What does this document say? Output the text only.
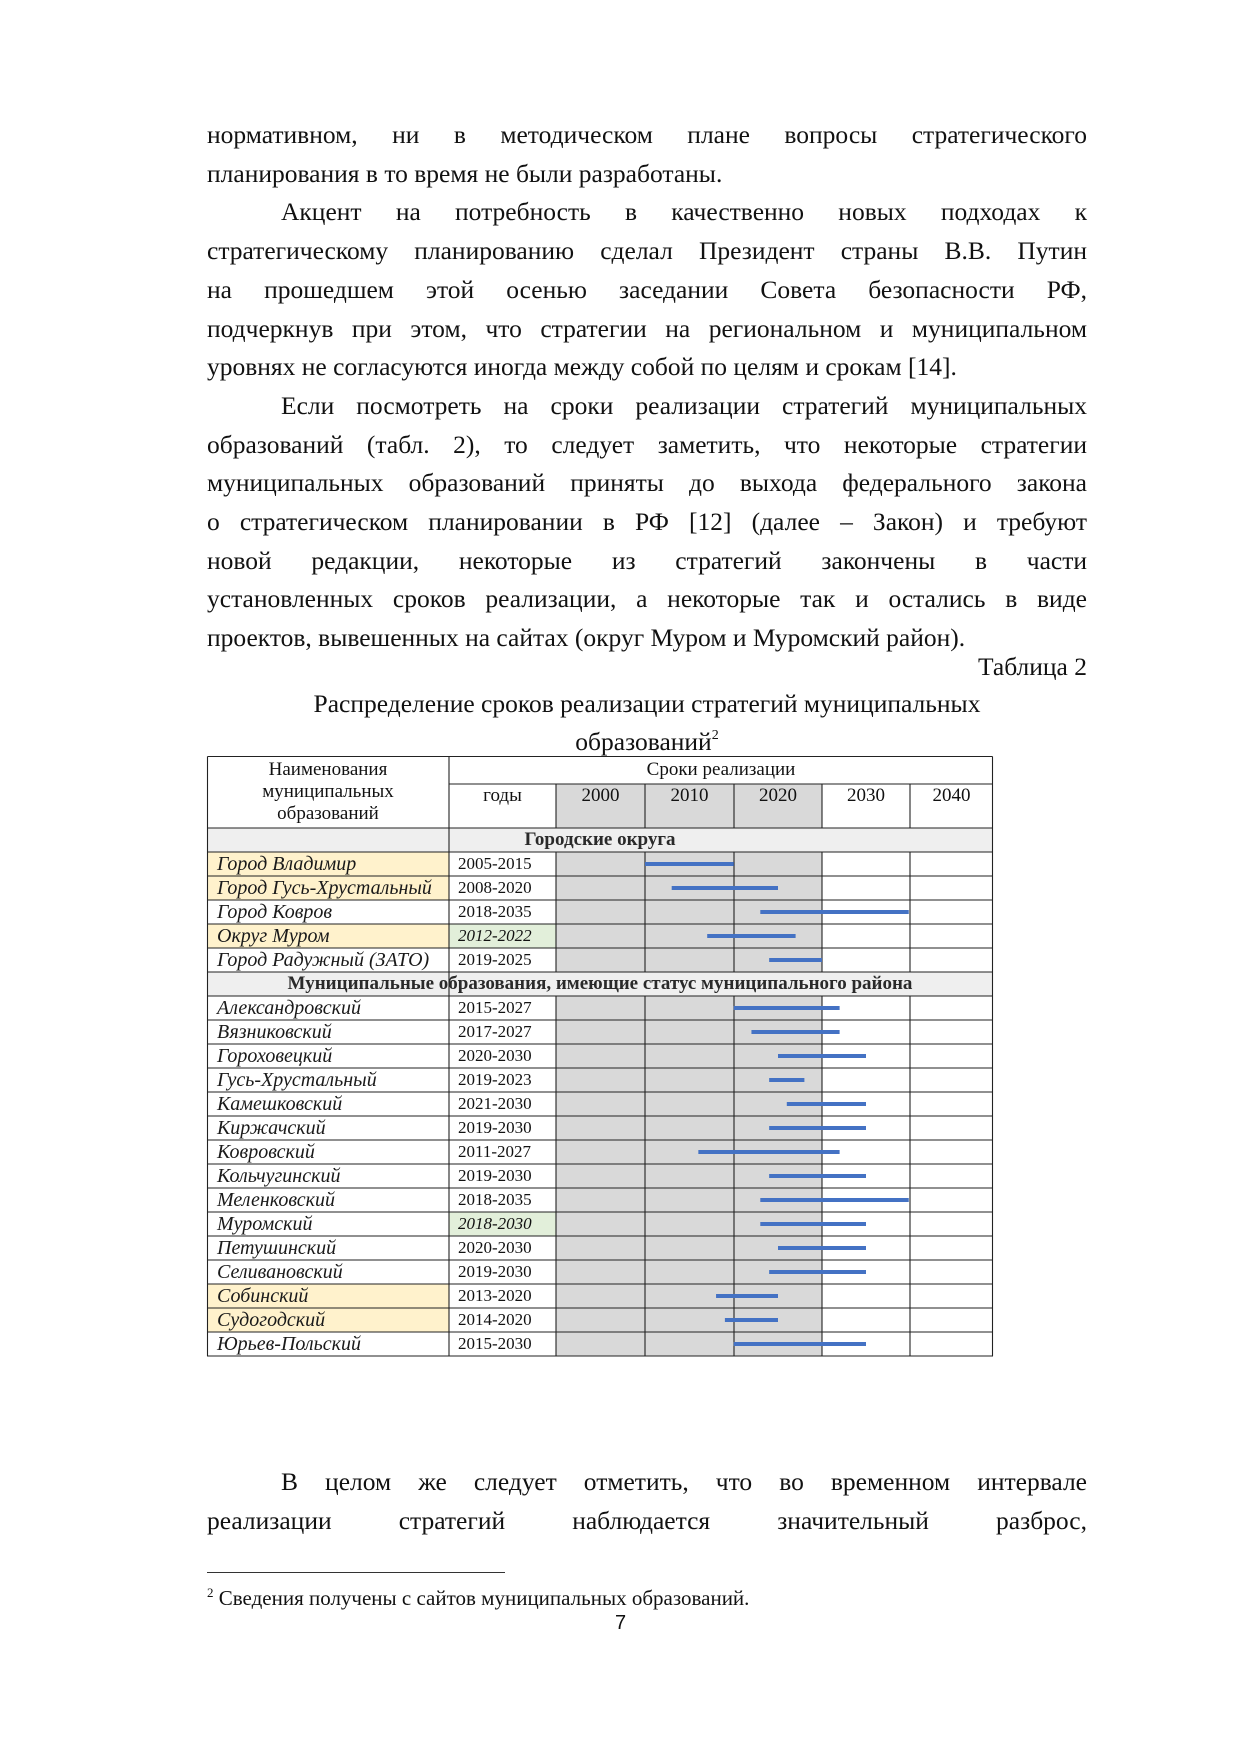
нормативном, ни в методическом плане вопросы стратегического
планирования в то время не были разработаны.

Акцент на потребность в качественно новых подходах к
стратегическому планированию сделал Президент страны В.В. Путин
на прошедшем этой осенью заседании Совета безопасности РФ,
подчеркнув при этом, что стратегии на региональном и муниципальном
уровнях не согласуются иногда между собой по целям и срокам [14].

Если посмотреть на сроки реализации стратегий муниципальных
образований (табл. 2), то следует заметить, что некоторые стратегии
муниципальных образований приняты до выхода федерального закона
о стратегическом планировании в РФ [12] (далее – Закон) и требуют
новой редакции, некоторые из стратегий закончены в части
установленных сроков реализации, а некоторые так и остались в виде
проектов, вывешенных на сайтах (округ Муром и Муромский район).

Таблица 2
Распределение сроков реализации стратегий муниципальных
образований$^2$
Наименования
муниципальных
образований
Сроки реализации
годы	2000	2010	2020	2030	2040
Городские округа
Город Владимир	2005-2015
Город Гусь-Хрустальный	2008-2020
Город Ковров	2018-2035
Округ Муром	2012-2022
Город Радужный (ЗАТО)	2019-2025
Муниципальные образования, имеющие статус муниципального района
Александровский	2015-2027
Вязниковский	2017-2027
Гороховецкий	2020-2030
Гусь-Хрустальный	2019-2023
Камешковский	2021-2030
Киржачский	2019-2030
Ковровский	2011-2027
Кольчугинский	2019-2030
Меленковский	2018-2035
Муромский	2018-2030
Петушинский	2020-2030
Селивановский	2019-2030
Собинский	2013-2020
Судогодский	2014-2020
Юрьев-Польский	2015-2030

В целом же следует отметить, что во временном интервале
реализации стратегий наблюдается значительный разброс,

$^2$ Сведения получены с сайтов муниципальных образований.
7
